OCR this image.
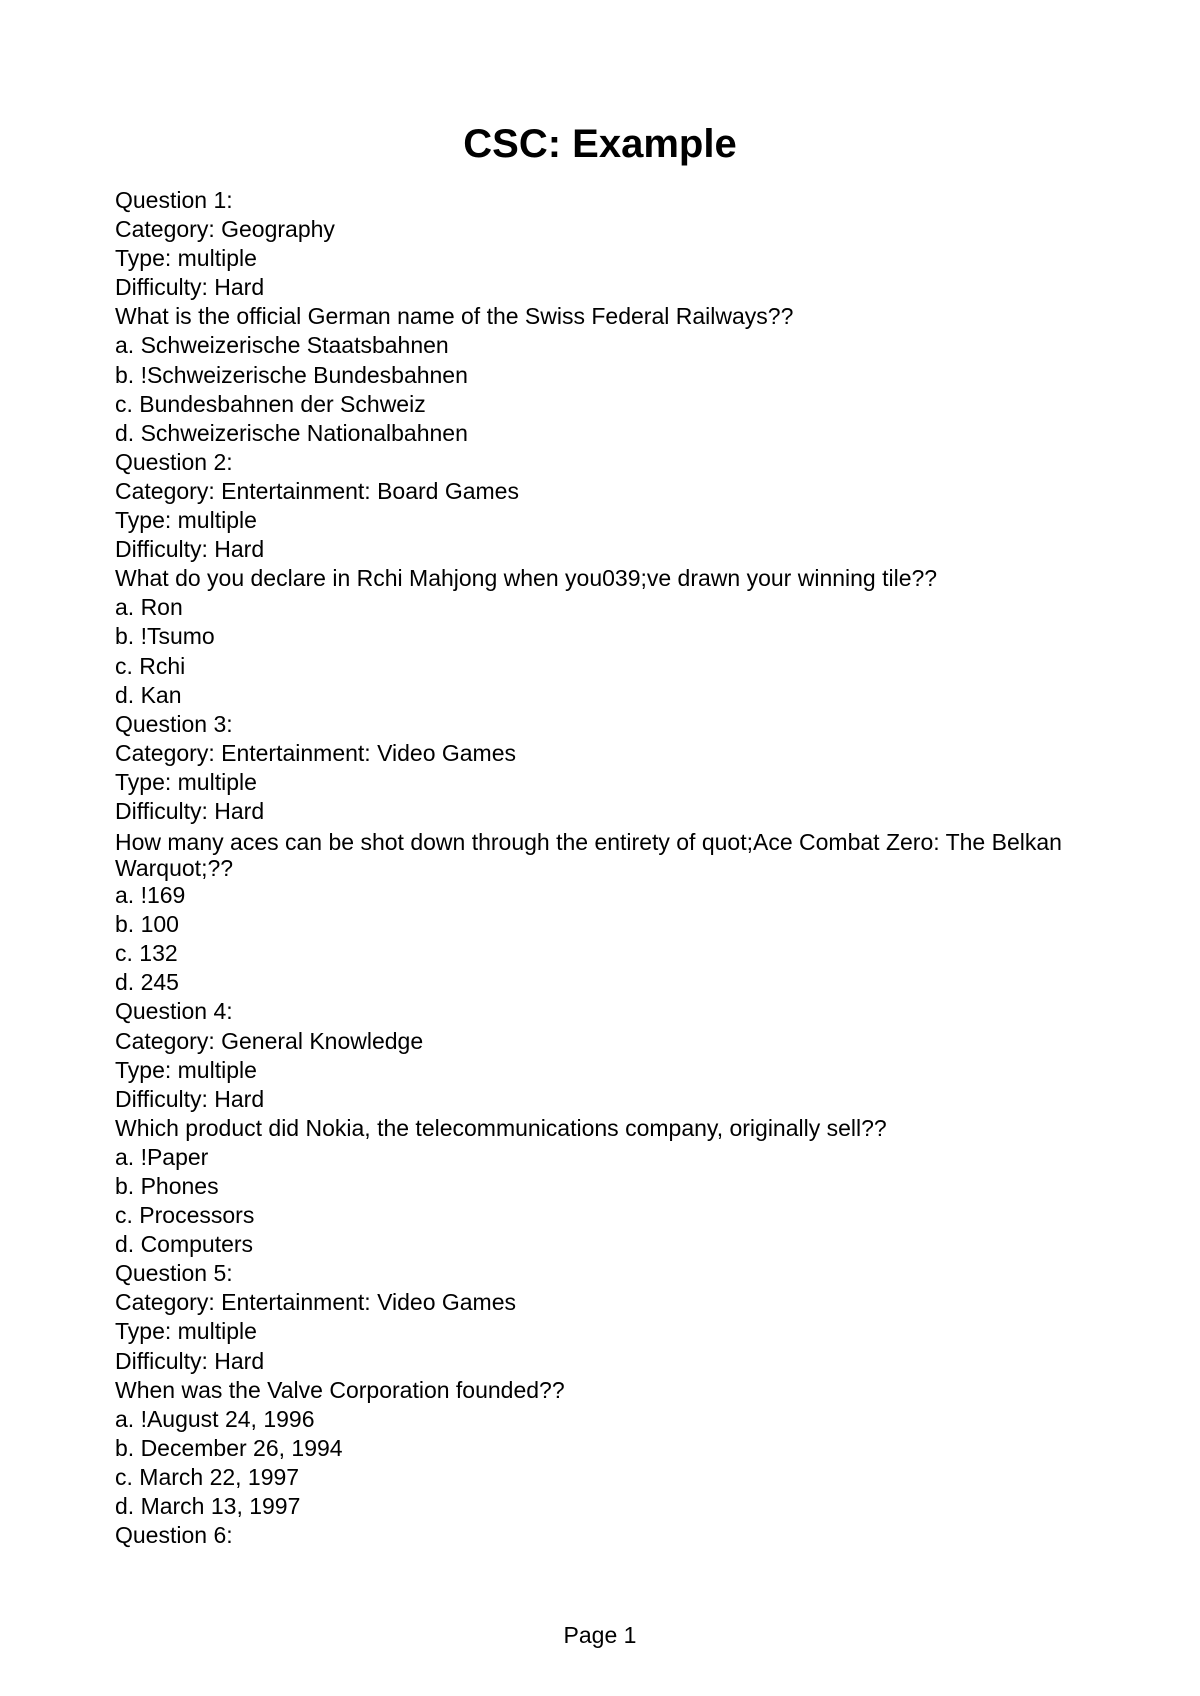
CSC: Example
Question 1:
Category: Geography
Type: multiple
Difficulty: Hard
What is the official German name of the Swiss Federal Railways??
a. Schweizerische Staatsbahnen
b. !Schweizerische Bundesbahnen
c. Bundesbahnen der Schweiz
d. Schweizerische Nationalbahnen
Question 2:
Category: Entertainment: Board Games
Type: multiple
Difficulty: Hard
What do you declare in Rchi Mahjong when you039;ve drawn your winning tile??
a. Ron
b. !Tsumo
c. Rchi
d. Kan
Question 3:
Category: Entertainment: Video Games
Type: multiple
Difficulty: Hard
How many aces can be shot down through the entirety of quot;Ace Combat Zero: The Belkan Warquot;??
a. !169
b. 100
c. 132
d. 245
Question 4:
Category: General Knowledge
Type: multiple
Difficulty: Hard
Which product did Nokia, the telecommunications company, originally sell??
a. !Paper
b. Phones
c. Processors
d. Computers
Question 5:
Category: Entertainment: Video Games
Type: multiple
Difficulty: Hard
When was the Valve Corporation founded??
a. !August 24, 1996
b. December 26, 1994
c. March 22, 1997
d. March 13, 1997
Question 6:
Page 1
